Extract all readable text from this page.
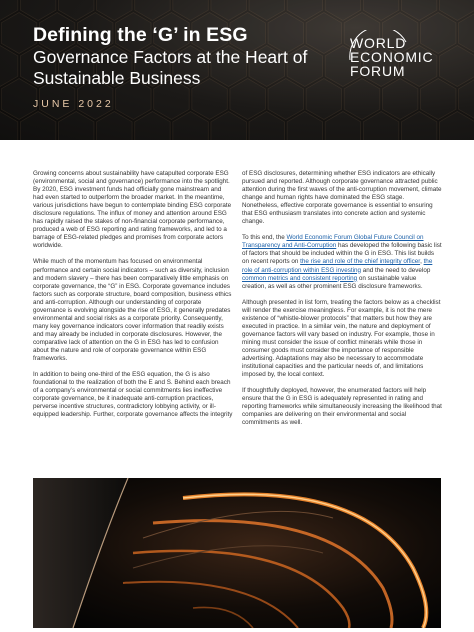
Defining the ‘G’ in ESG
Governance Factors at the Heart of Sustainable Business
JUNE 2022
WORLD
ECONOMIC
FORUM

Growing concerns about sustainability have catapulted corporate ESG (environmental, social and governance) performance into the spotlight. By 2020, ESG investment funds had officially gone mainstream and had even started to outperform the broader market. In the meantime, various jurisdictions have begun to contemplate binding ESG corporate disclosure regulations. The influx of money and attention around ESG has rapidly raised the stakes of non-financial corporate performance, produced a web of ESG reporting and rating frameworks, and led to a barrage of ESG-related pledges and promises from corporate actors worldwide.

While much of the momentum has focused on environmental performance and certain social indicators – such as diversity, inclusion and modern slavery – there has been comparatively little emphasis on corporate governance, the “G” in ESG. Corporate governance includes factors such as corporate structure, board composition, business ethics and anti-corruption. Although our understanding of corporate governance is evolving alongside the rise of ESG, it generally predates environmental and social risks as a corporate priority. Consequently, many key governance indicators cover information that readily exists and may already be included in corporate disclosures. However, the comparative lack of attention on the G in ESG has led to confusion about the nature and role of corporate governance within ESG frameworks.

In addition to being one-third of the ESG equation, the G is also foundational to the realization of both the E and S. Behind each breach of a company’s environmental or social commitments lies ineffective corporate governance, be it inadequate anti-corruption practices, perverse incentive structures, contradictory lobbying activity, or ill-equipped leadership. Further, corporate governance affects the integrity

of ESG disclosures, determining whether ESG indicators are ethically pursued and reported. Although corporate governance attracted public attention during the first waves of the anti-corruption movement, climate change and human rights have dominated the ESG stage. Nonetheless, effective corporate governance is essential to ensuring that ESG enthusiasm translates into concrete action and systemic change.

To this end, the World Economic Forum Global Future Council on Transparency and Anti-Corruption has developed the following basic list of factors that should be included within the G in ESG. This list builds on recent reports on the rise and role of the chief integrity officer, the role of anti-corruption within ESG investing and the need to develop common metrics and consistent reporting on sustainable value creation, as well as other prominent ESG disclosure frameworks.

Although presented in list form, treating the factors below as a checklist will render the exercise meaningless. For example, it is not the mere existence of “whistle-blower protocols” that matters but how they are executed in practice. In a similar vein, the nature and deployment of governance factors will vary based on industry. For example, those in mining must consider the issue of conflict minerals while those in consumer goods must consider the importance of responsible advertising. Adaptations may also be necessary to accommodate institutional capacities and the particular needs of, and limitations imposed by, the local context.

If thoughtfully deployed, however, the enumerated factors will help ensure that the G in ESG is adequately represented in rating and reporting frameworks while simultaneously increasing the likelihood that companies are delivering on their environmental and social commitments as well.
